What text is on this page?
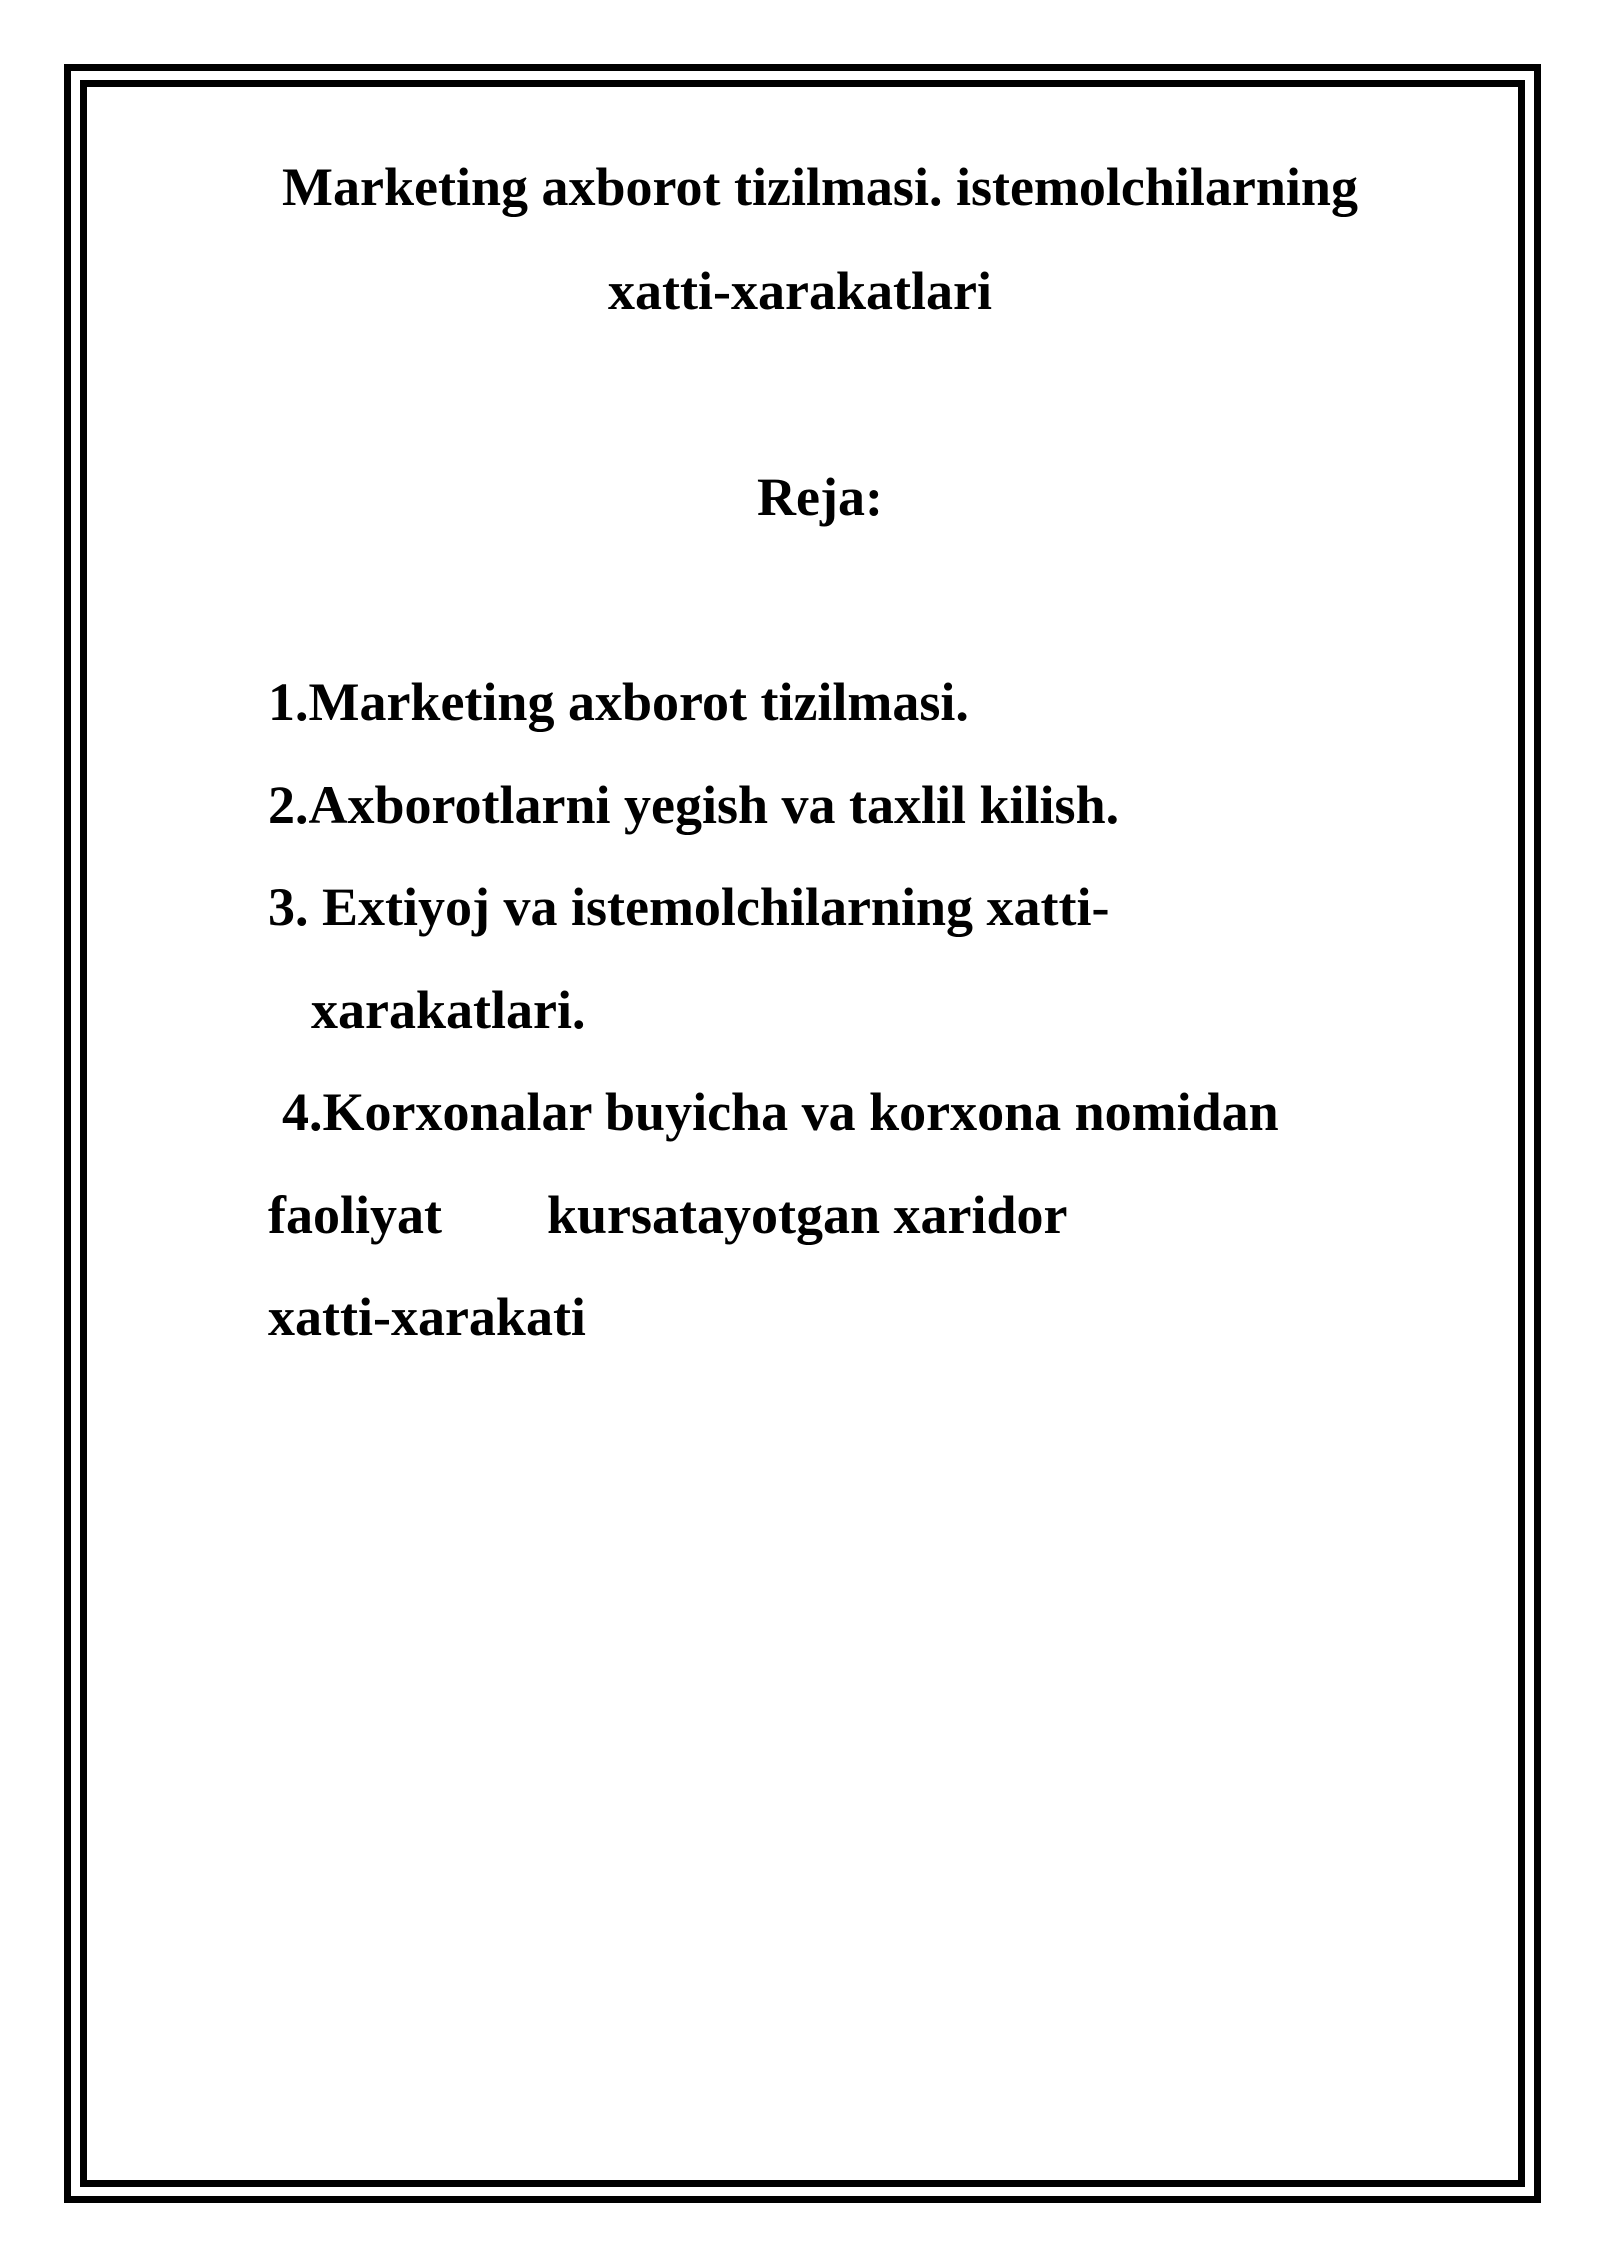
Marketing axborot tizilmasi. istemolchilarning
xatti-xarakatlari
Reja:
1.Marketing axborot tizilmasi.
2.Axborotlarni yegish va taxlil kilish.
3. Extiyoj va istemolchilarning xatti-
xarakatlari.
4.Korxonalar buyicha va korxona nomidan
faoliyat kursatayotgan xaridor
xatti-xarakati
